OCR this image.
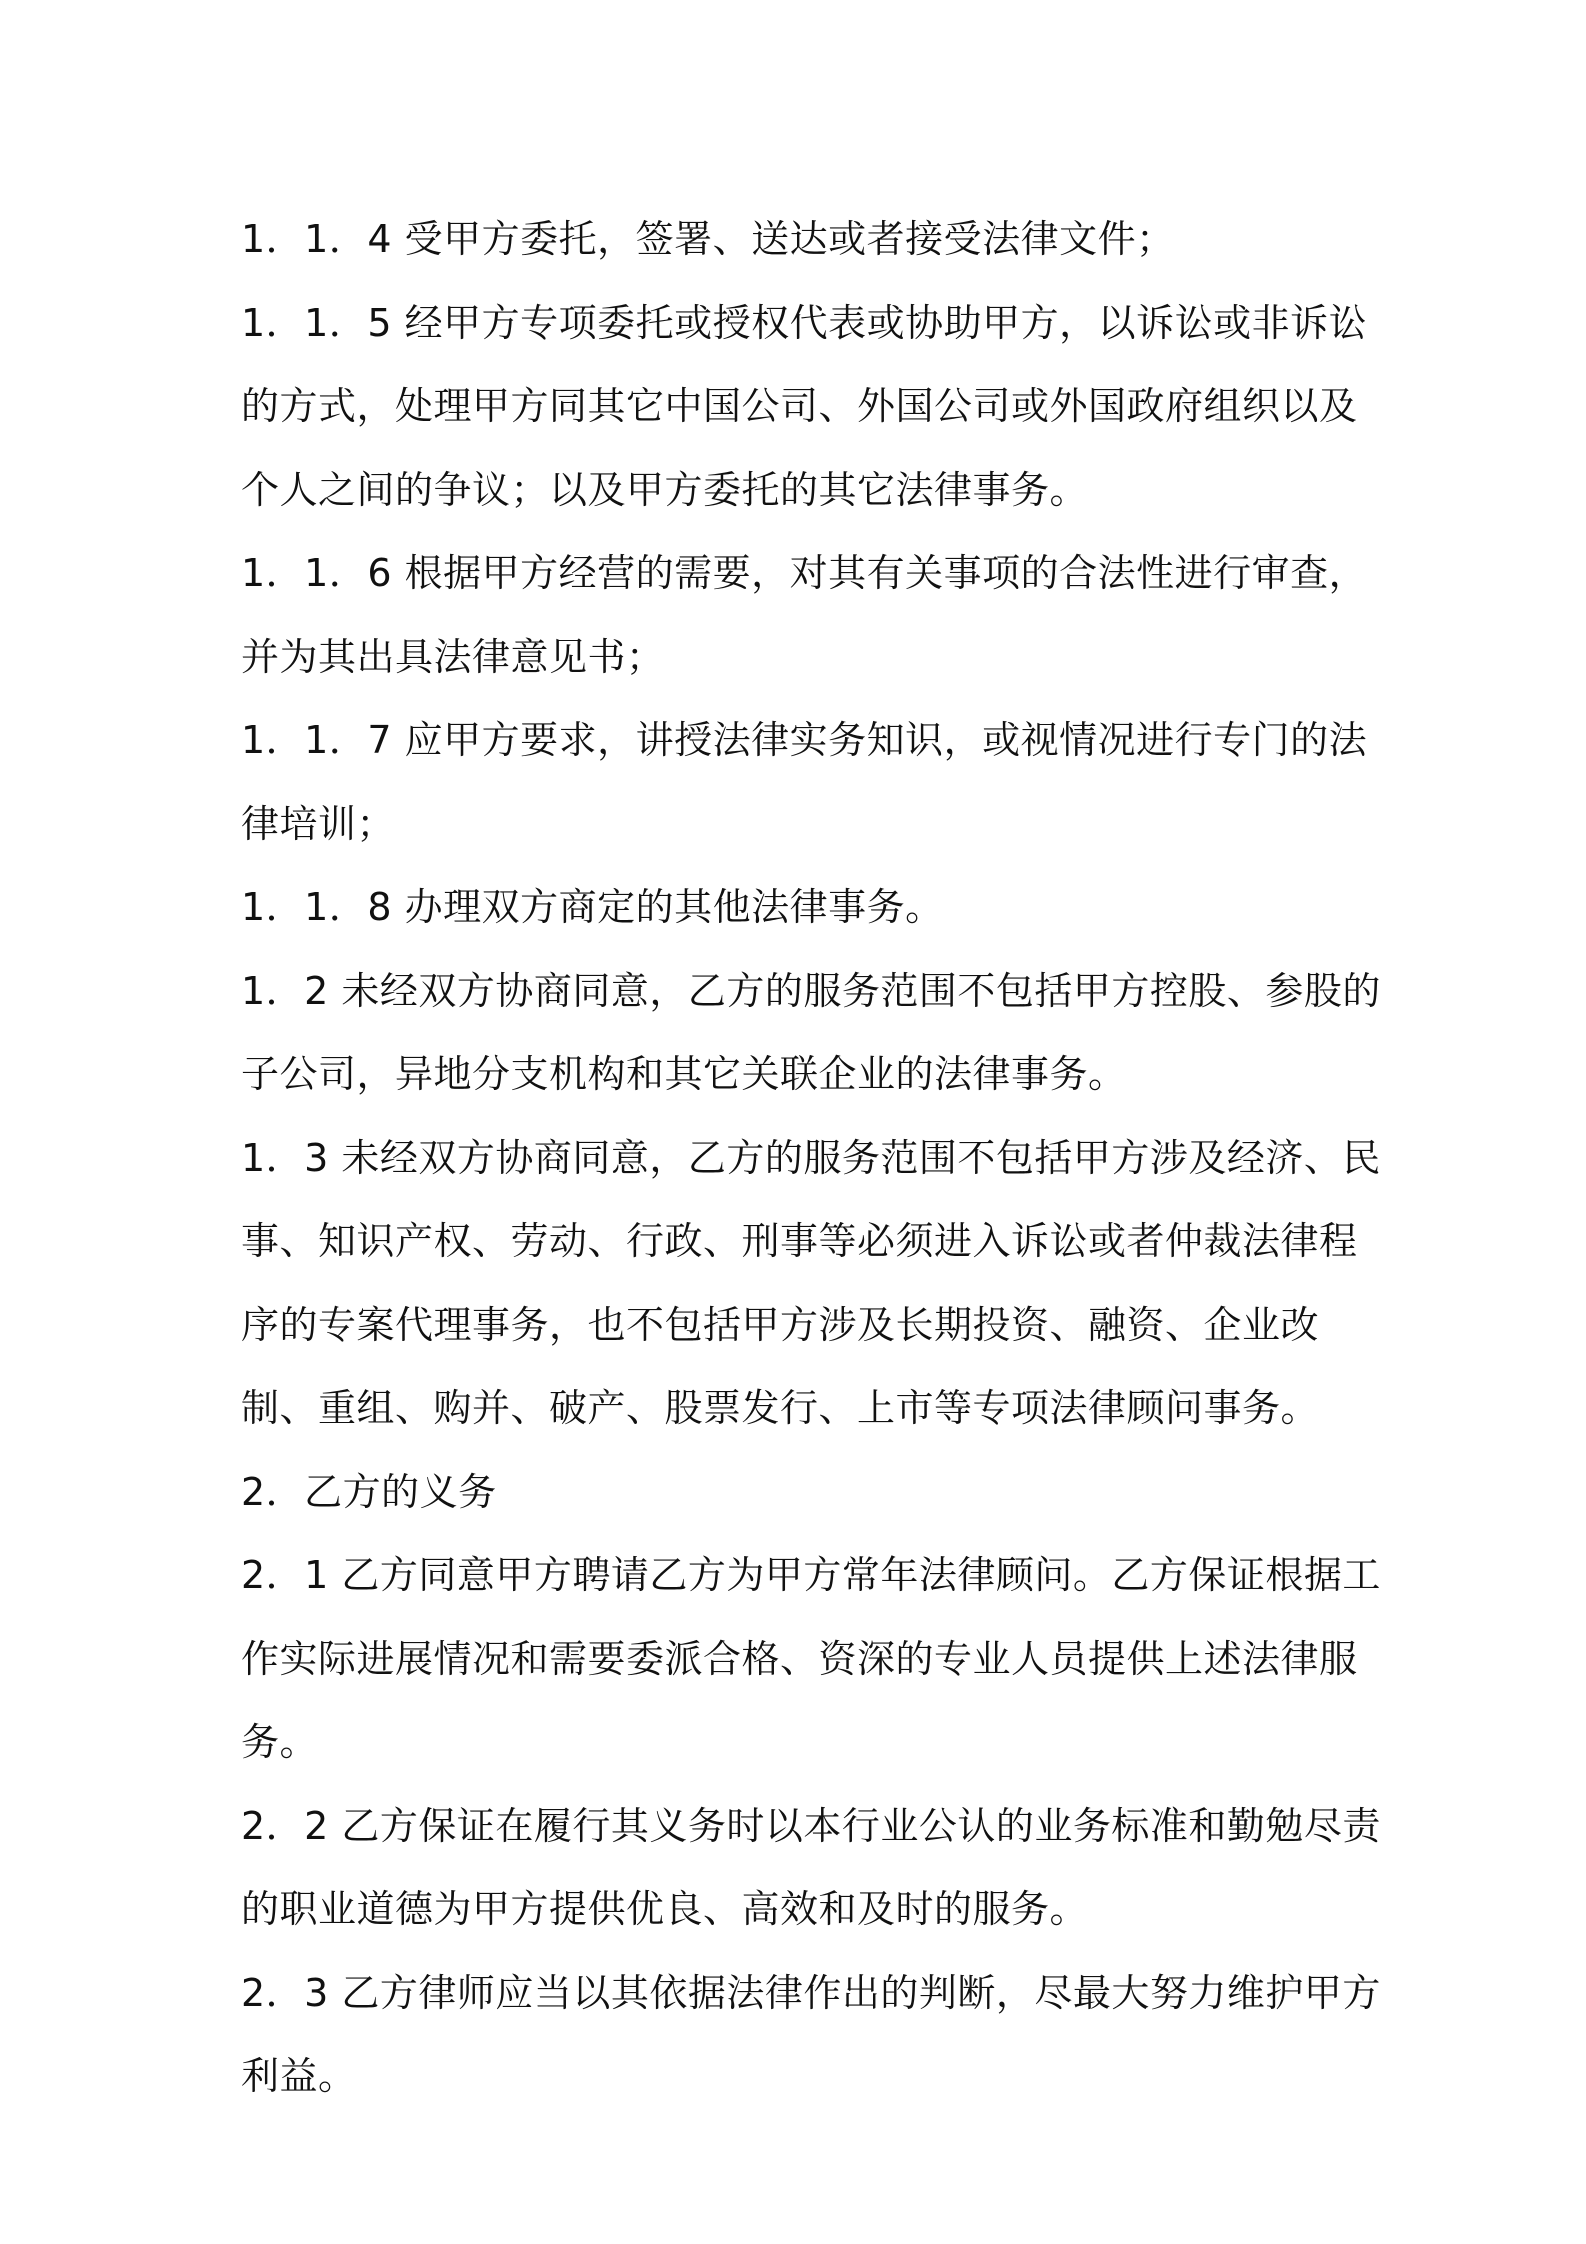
1．1．4 受甲方委托，签署、送达或者接受法律文件；

1．1．5 经甲方专项委托或授权代表或协助甲方，以诉讼或非诉讼的方式，处理甲方同其它中国公司、外国公司或外国政府组织以及个人之间的争议；以及甲方委托的其它法律事务。

1．1．6 根据甲方经营的需要，对其有关事项的合法性进行审查，并为其出具法律意见书；

1．1．7 应甲方要求，讲授法律实务知识，或视情况进行专门的法律培训；

1．1．8 办理双方商定的其他法律事务。

1．2 未经双方协商同意，乙方的服务范围不包括甲方控股、参股的子公司，异地分支机构和其它关联企业的法律事务。

1．3 未经双方协商同意，乙方的服务范围不包括甲方涉及经济、民事、知识产权、劳动、行政、刑事等必须进入诉讼或者仲裁法律程序的专案代理事务，也不包括甲方涉及长期投资、融资、企业改制、重组、购并、破产、股票发行、上市等专项法律顾问事务。 2．乙方的义务

2．1 乙方同意甲方聘请乙方为甲方常年法律顾问。乙方保证根据工作实际进展情况和需要委派合格、资深的专业人员提供上述法律服务。

2．2 乙方保证在履行其义务时以本行业公认的业务标准和勤勉尽责的职业道德为甲方提供优良、高效和及时的服务。

2．3 乙方律师应当以其依据法律作出的判断，尽最大努力维护甲方利益。
